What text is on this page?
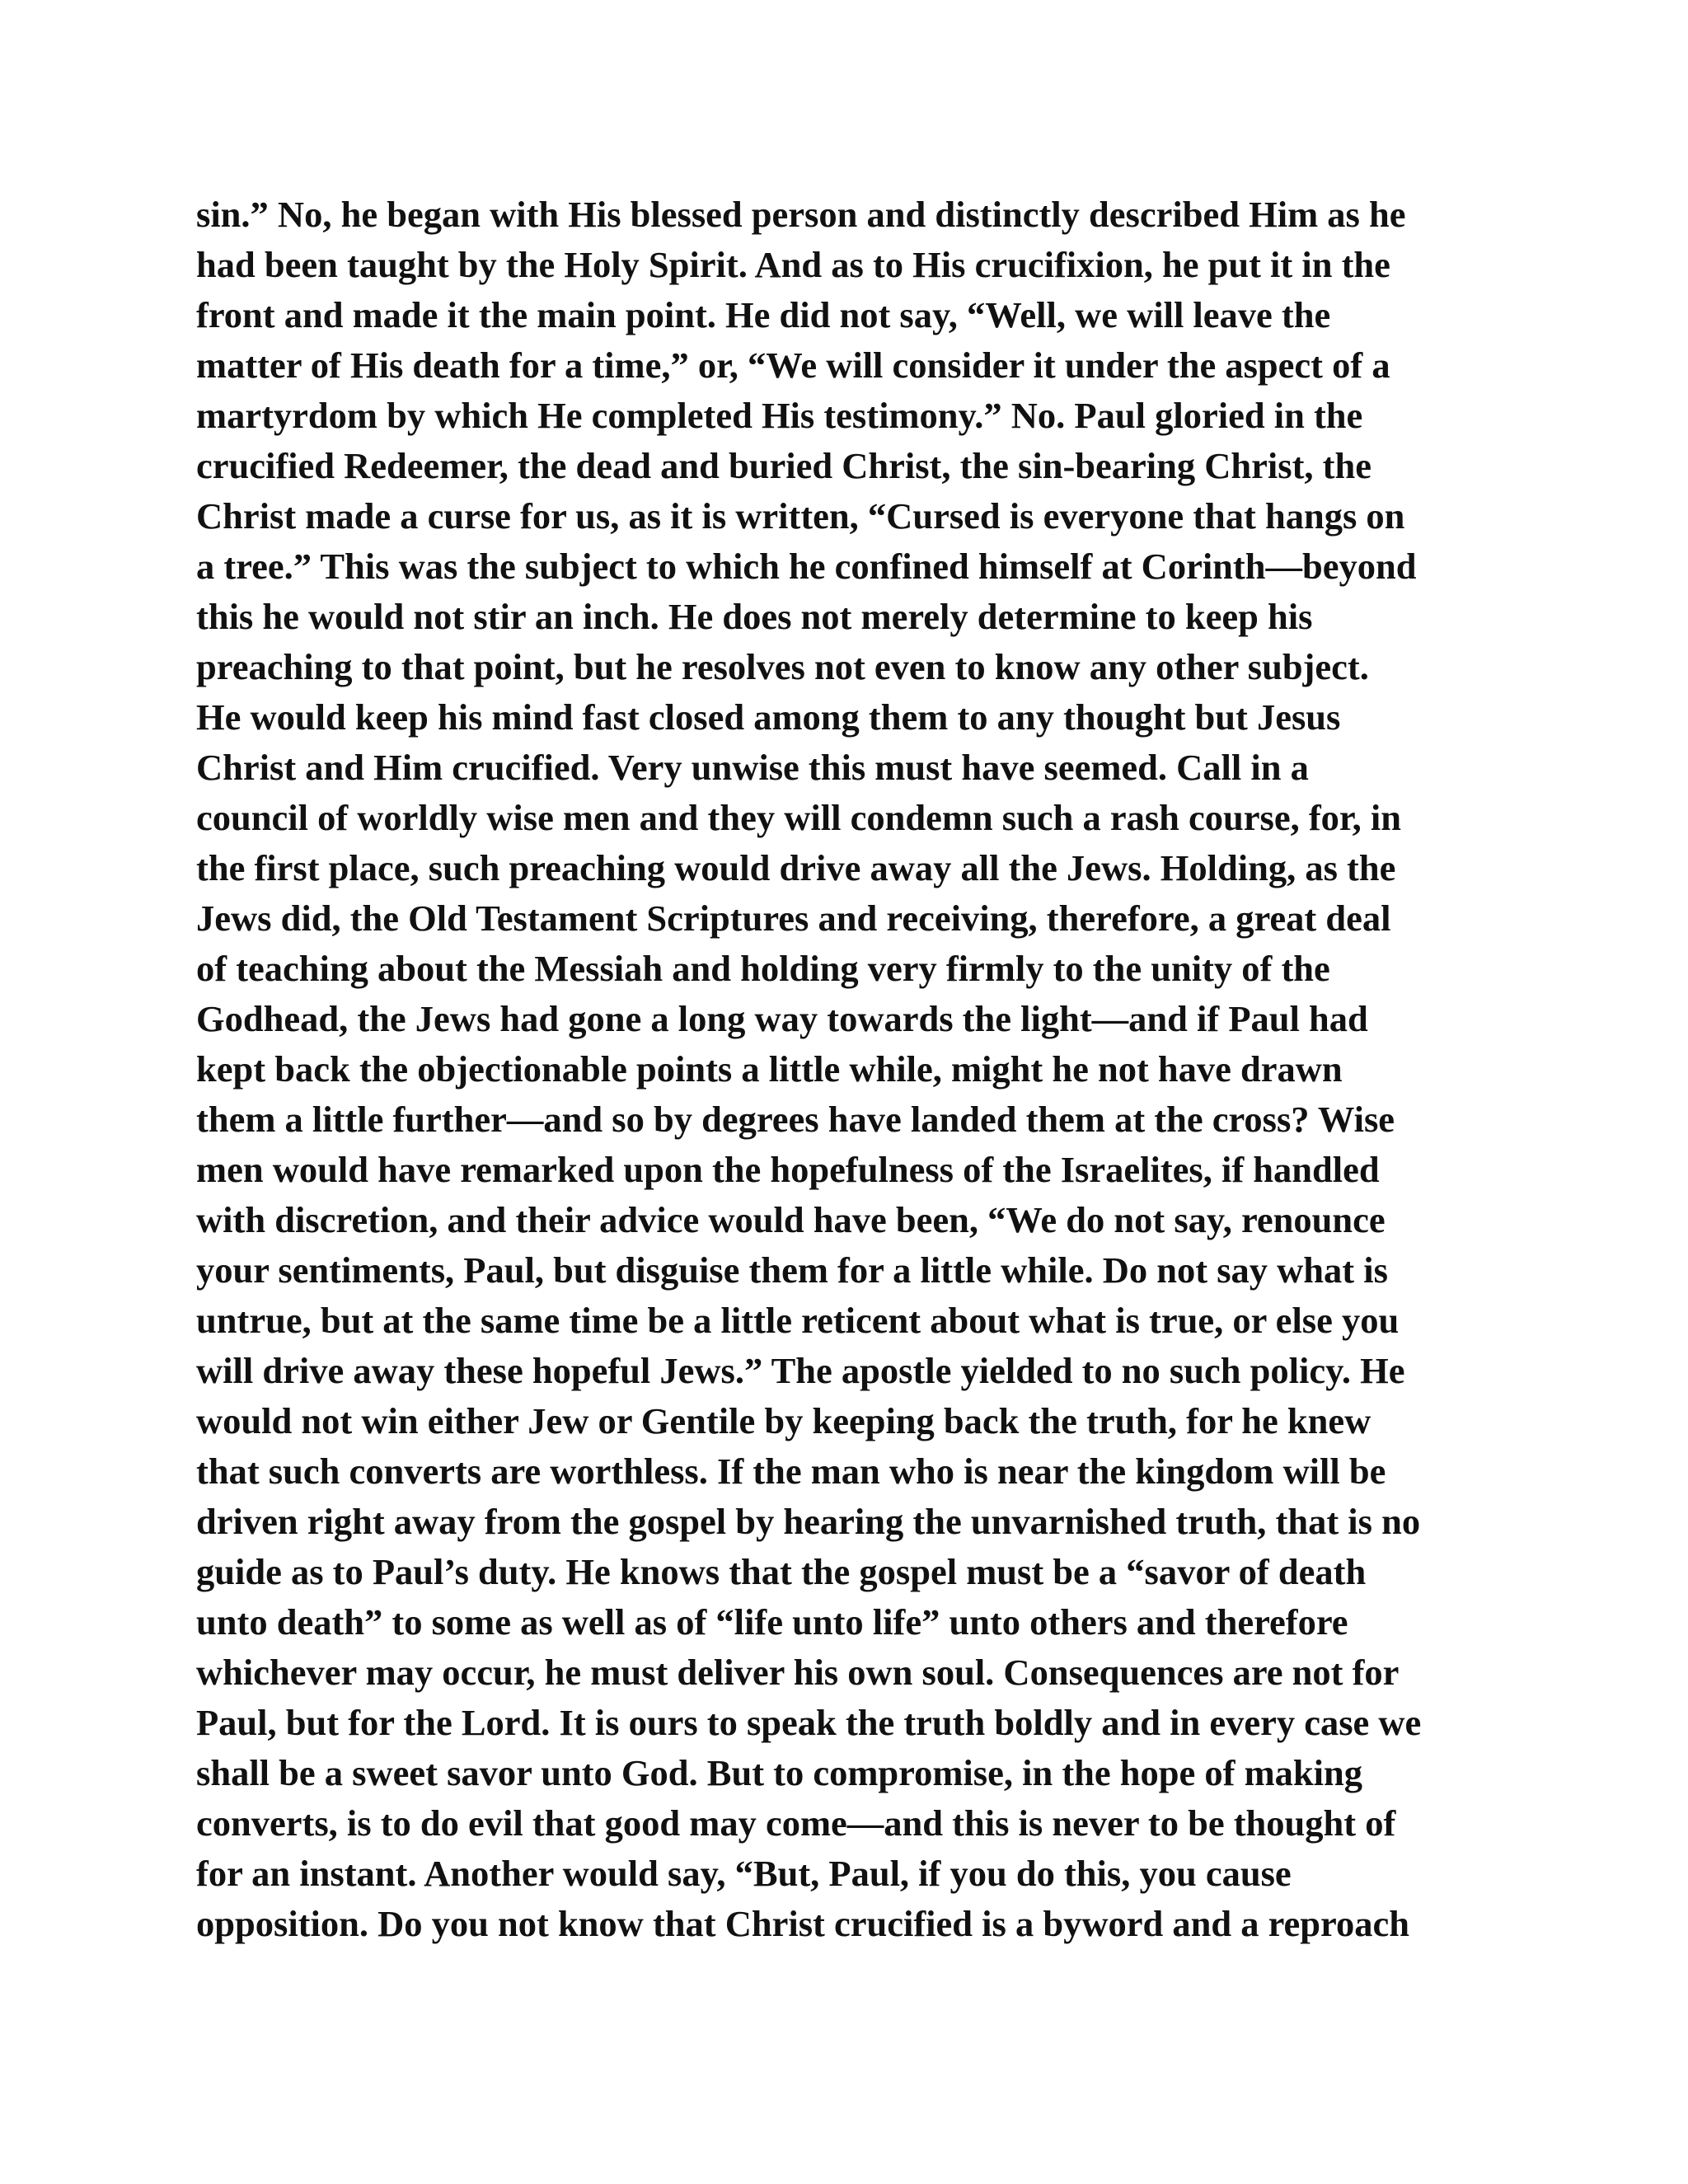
sin.” No, he began with His blessed person and distinctly described Him as he
had been taught by the Holy Spirit. And as to His crucifixion, he put it in the
front and made it the main point. He did not say, “Well, we will leave the
matter of His death for a time,” or, “We will consider it under the aspect of a
martyrdom by which He completed His testimony.” No. Paul gloried in the
crucified Redeemer, the dead and buried Christ, the sin-bearing Christ, the
Christ made a curse for us, as it is written, “Cursed is everyone that hangs on
a tree.” This was the subject to which he confined himself at Corinth—beyond
this he would not stir an inch. He does not merely determine to keep his
preaching to that point, but he resolves not even to know any other subject.
He would keep his mind fast closed among them to any thought but Jesus
Christ and Him crucified. Very unwise this must have seemed. Call in a
council of worldly wise men and they will condemn such a rash course, for, in
the first place, such preaching would drive away all the Jews. Holding, as the
Jews did, the Old Testament Scriptures and receiving, therefore, a great deal
of teaching about the Messiah and holding very firmly to the unity of the
Godhead, the Jews had gone a long way towards the light—and if Paul had
kept back the objectionable points a little while, might he not have drawn
them a little further—and so by degrees have landed them at the cross? Wise
men would have remarked upon the hopefulness of the Israelites, if handled
with discretion, and their advice would have been, “We do not say, renounce
your sentiments, Paul, but disguise them for a little while. Do not say what is
untrue, but at the same time be a little reticent about what is true, or else you
will drive away these hopeful Jews.” The apostle yielded to no such policy. He
would not win either Jew or Gentile by keeping back the truth, for he knew
that such converts are worthless. If the man who is near the kingdom will be
driven right away from the gospel by hearing the unvarnished truth, that is no
guide as to Paul’s duty. He knows that the gospel must be a “savor of death
unto death” to some as well as of “life unto life” unto others and therefore
whichever may occur, he must deliver his own soul. Consequences are not for
Paul, but for the Lord. It is ours to speak the truth boldly and in every case we
shall be a sweet savor unto God. But to compromise, in the hope of making
converts, is to do evil that good may come—and this is never to be thought of
for an instant. Another would say, “But, Paul, if you do this, you cause
opposition. Do you not know that Christ crucified is a byword and a reproach
